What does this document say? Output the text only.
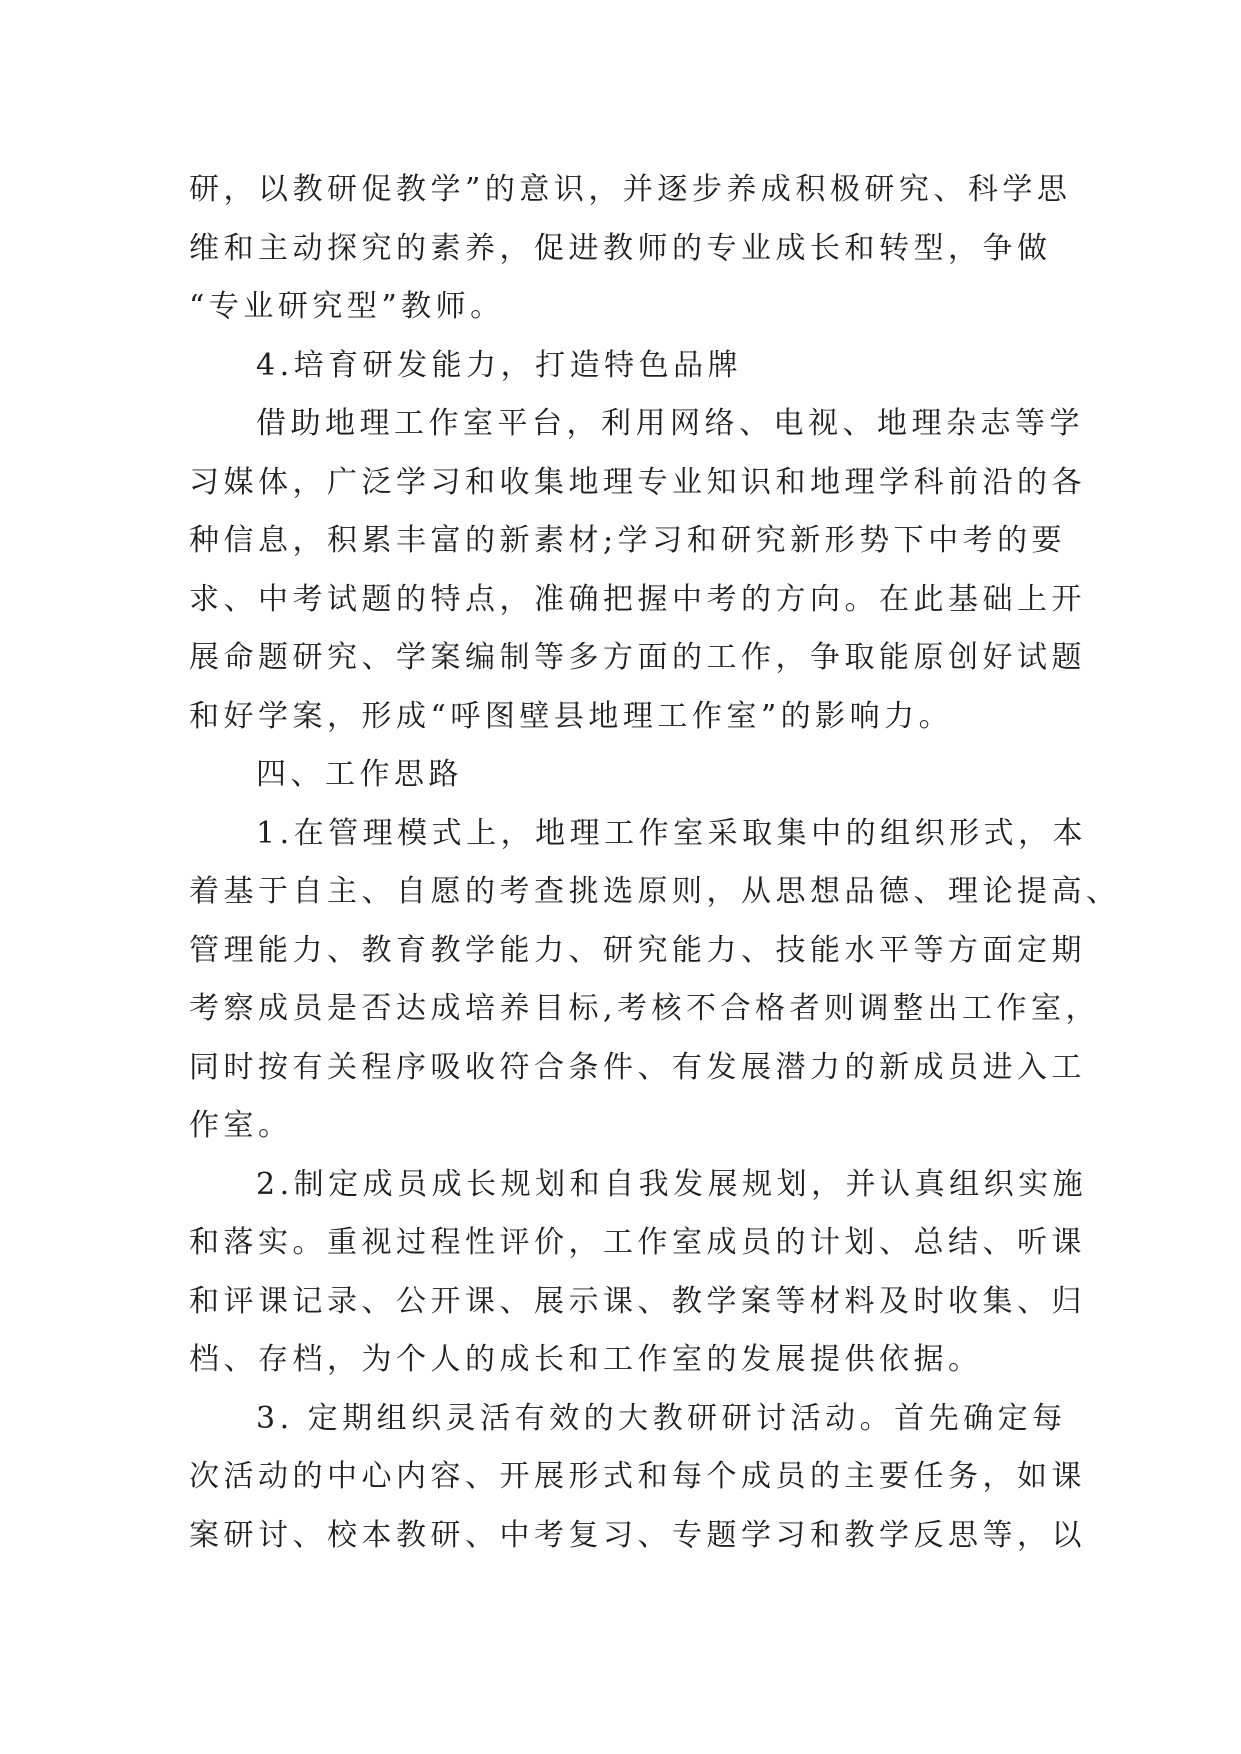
研，以教研促教学”的意识，并逐步养成积极研究、科学思
维和主动探究的素养，促进教师的专业成长和转型，争做
“专业研究型”教师。
4.培育研发能力，打造特色品牌
借助地理工作室平台，利用网络、电视、地理杂志等学
习媒体，广泛学习和收集地理专业知识和地理学科前沿的各
种信息，积累丰富的新素材;学习和研究新形势下中考的要
求、中考试题的特点，准确把握中考的方向。在此基础上开
展命题研究、学案编制等多方面的工作，争取能原创好试题
和好学案，形成“呼图壁县地理工作室”的影响力。
四、工作思路
1.在管理模式上，地理工作室采取集中的组织形式，本
着基于自主、自愿的考查挑选原则，从思想品德、理论提高、
管理能力、教育教学能力、研究能力、技能水平等方面定期
考察成员是否达成培养目标,考核不合格者则调整出工作室，
同时按有关程序吸收符合条件、有发展潜力的新成员进入工
作室。
2.制定成员成长规划和自我发展规划，并认真组织实施
和落实。重视过程性评价，工作室成员的计划、总结、听课
和评课记录、公开课、展示课、教学案等材料及时收集、归
档、存档，为个人的成长和工作室的发展提供依据。
3. 定期组织灵活有效的大教研研讨活动。首先确定每
次活动的中心内容、开展形式和每个成员的主要任务，如课
案研讨、校本教研、中考复习、专题学习和教学反思等，以
